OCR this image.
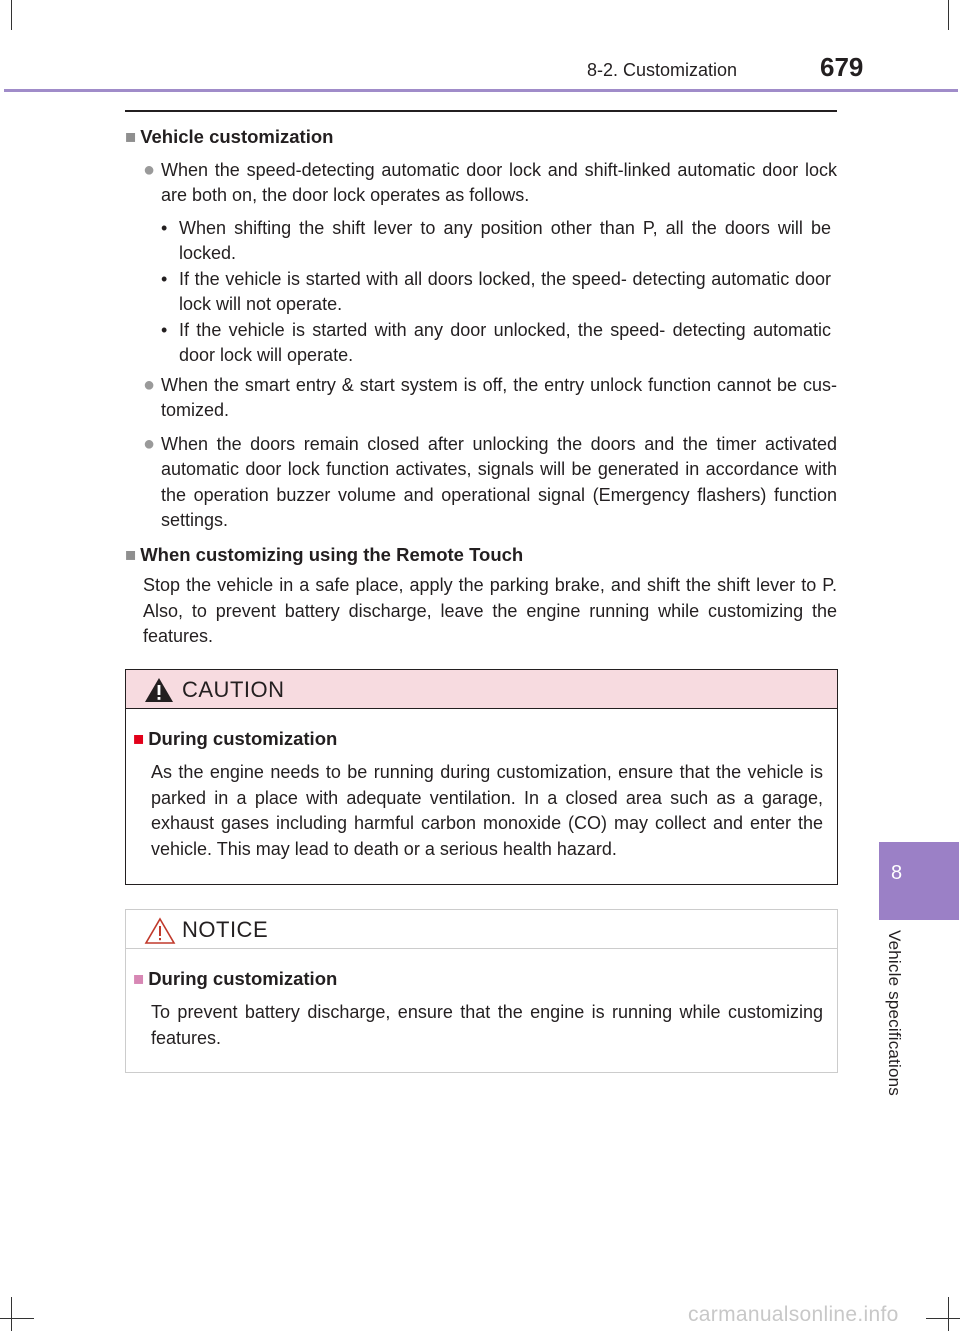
8-2. Customization	679
8
Vehicle specifications
■ Vehicle customization
● When the speed-detecting automatic door lock and shift-linked automatic door lock are both on, the door lock operates as follows.
• When shifting the shift lever to any position other than P, all the doors will be locked.
• If the vehicle is started with all doors locked, the speed- detecting automatic door lock will not operate.
• If the vehicle is started with any door unlocked, the speed- detecting automatic door lock will operate.
● When the smart entry & start system is off, the entry unlock function cannot be cus- tomized.
● When the doors remain closed after unlocking the doors and the timer activated automatic door lock function activates, signals will be generated in accordance with the operation buzzer volume and operational signal (Emergency flashers) function settings.
■ When customizing using the Remote Touch
Stop the vehicle in a safe place, apply the parking brake, and shift the shift lever to P. Also, to prevent battery discharge, leave the engine running while customizing the features.
CAUTION
■ During customization
As the engine needs to be running during customization, ensure that the vehicle is parked in a place with adequate ventilation. In a closed area such as a garage, exhaust gases including harmful carbon monoxide (CO) may collect and enter the vehicle. This may lead to death or a serious health hazard.
NOTICE
■ During customization
To prevent battery discharge, ensure that the engine is running while customizing features.
carmanualsonline.info
